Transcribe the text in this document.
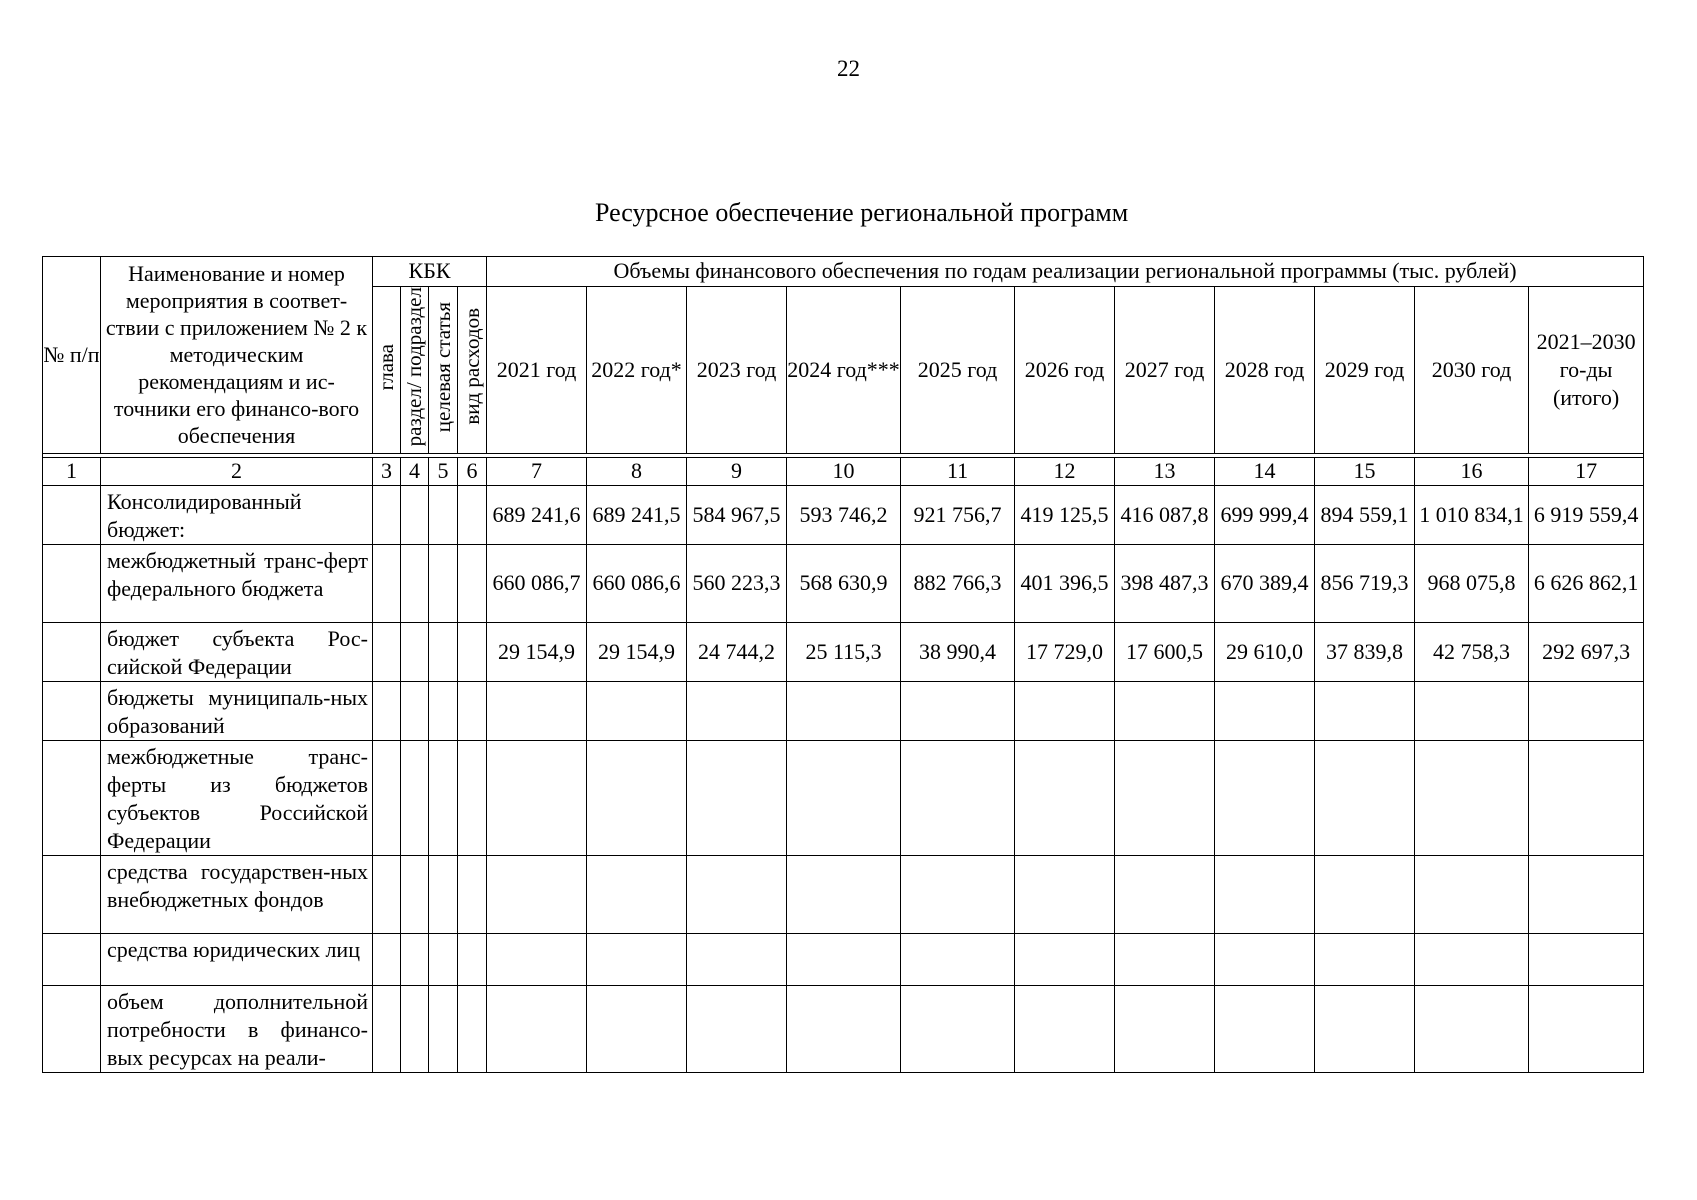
22
Ресурсное обеспечение региональной программ
№ п/п	Наименование и номер мероприятия в соответ-ствии с приложением № 2 к методическим рекомендациям и ис-точники его финансо-вого обеспечения	КБК				Объемы финансового обеспечения по годам реализации региональной программы (тыс. рублей)										
		глава	раздел/ подраздел	целевая статья	вид расходов	2021 год	2022 год*	2023 год	2024 год***	2025 год	2026 год	2027 год	2028 год	2029 год	2030 год	2021–2030 го-ды (итого)

1	2	3	4	5	6	7	8	9	10	11	12	13	14	15	16	17
	Консолидированный бюджет:					689 241,6	689 241,5	584 967,5	593 746,2	921 756,7	419 125,5	416 087,8	699 999,4	894 559,1	1 010 834,1	6 919 559,4
	межбюджетный транс-ферт федерального бюджета					660 086,7	660 086,6	560 223,3	568 630,9	882 766,3	401 396,5	398 487,3	670 389,4	856 719,3	968 075,8	6 626 862,1
	бюджет субъекта Рос-сийской Федерации					29 154,9	29 154,9	24 744,2	25 115,3	38 990,4	17 729,0	17 600,5	29 610,0	37 839,8	42 758,3	292 697,3
	бюджеты муниципаль-ных образований															
	межбюджетные транс-ферты из бюджетов субъектов Российской Федерации															
	средства государствен-ных внебюджетных фондов															
	средства юридических лиц															
	объем дополнительной потребности в финансо-вых ресурсах на реали-															
